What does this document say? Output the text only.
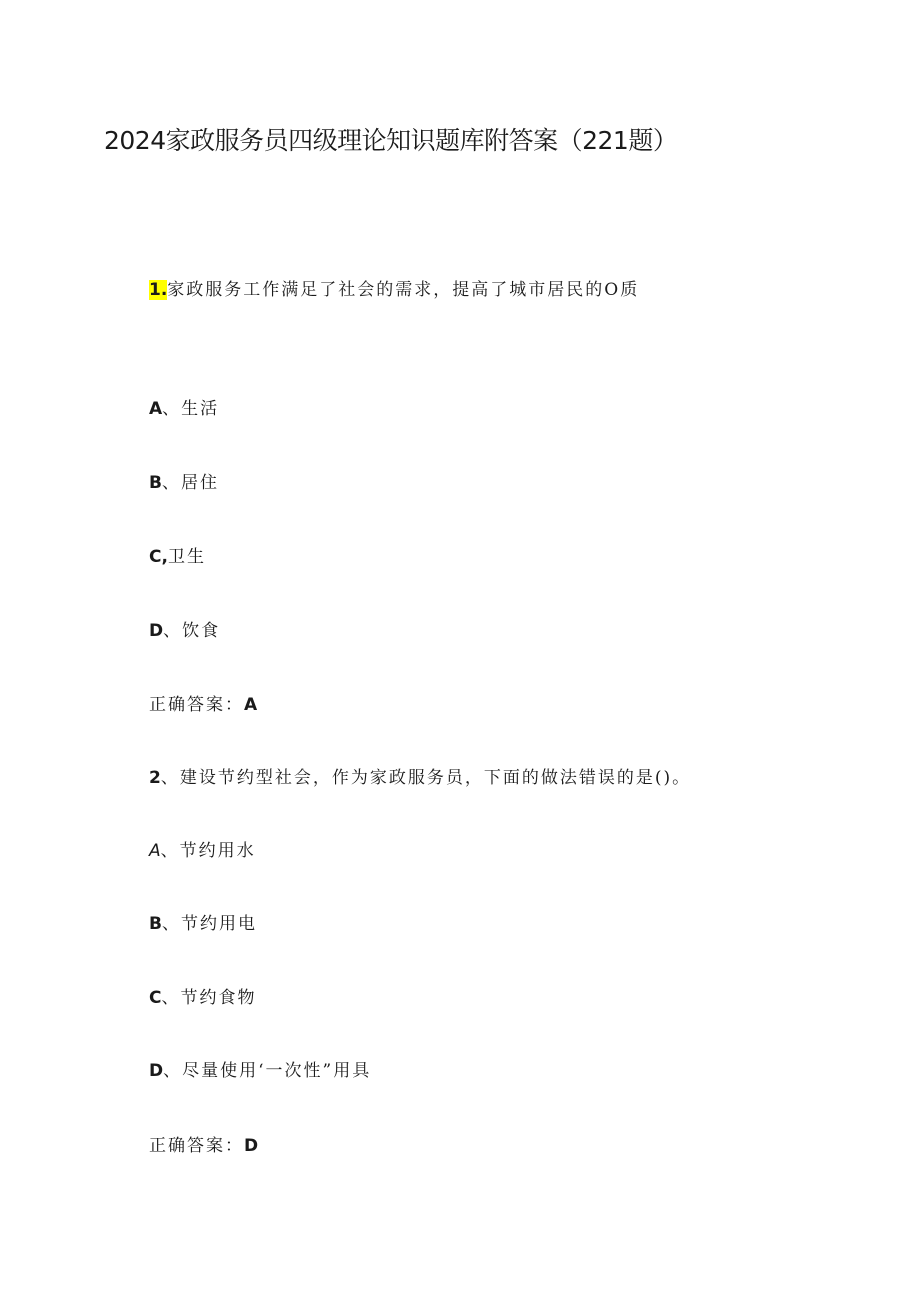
2024家政服务员四级理论知识题库附答案（221题）
1.家政服务工作满足了社会的需求，提高了城市居民的O质
A、生活
B、居住
C,卫生
D、饮食
正确答案：A
2、建设节约型社会，作为家政服务员，下面的做法错误的是()。
A、节约用水
B、节约用电
C、节约食物
D、尽量使用‘一次性”用具
正确答案：D
